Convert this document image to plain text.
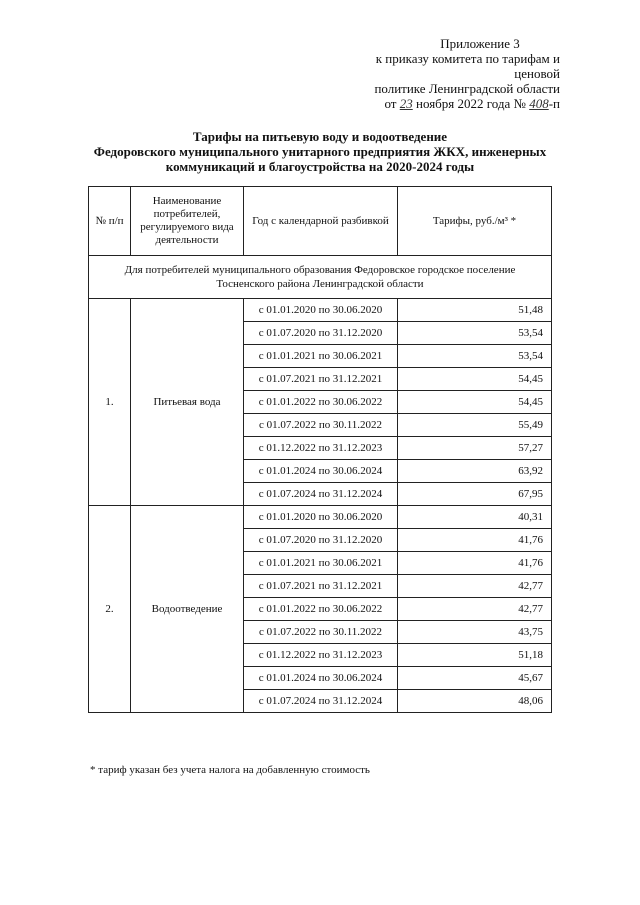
Приложение 3
к приказу комитета по тарифам и ценовой
политике Ленинградской области
от 23 ноября 2022 года № 408-п
Тарифы на питьевую воду и водоотведение
Федоровского муниципального унитарного предприятия ЖКХ, инженерных
коммуникаций и благоустройства на 2020-2024 годы
№ п/п	Наименование потребителей, регулируемого вида деятельности	Год с календарной разбивкой	Тарифы, руб./м³ *

Для потребителей муниципального образования Федоровское городское поселение
Тосненского района Ленинградской области			

1.	Питьевая вода	с 01.01.2020 по 30.06.2020	51,48
		с 01.07.2020 по 31.12.2020	53,54
		с 01.01.2021 по 30.06.2021	53,54
		с 01.07.2021 по 31.12.2021	54,45
		с 01.01.2022 по 30.06.2022	54,45
		с 01.07.2022 по 30.11.2022	55,49
		с 01.12.2022 по 31.12.2023	57,27
		с 01.01.2024 по 30.06.2024	63,92
		с 01.07.2024 по 31.12.2024	67,95
2.	Водоотведение	с 01.01.2020 по 30.06.2020	40,31
		с 01.07.2020 по 31.12.2020	41,76
		с 01.01.2021 по 30.06.2021	41,76
		с 01.07.2021 по 31.12.2021	42,77
		с 01.01.2022 по 30.06.2022	42,77
		с 01.07.2022 по 30.11.2022	43,75
		с 01.12.2022 по 31.12.2023	51,18
		с 01.01.2024 по 30.06.2024	45,67
		с 01.07.2024 по 31.12.2024	48,06
* тариф указан без учета налога на добавленную стоимость
